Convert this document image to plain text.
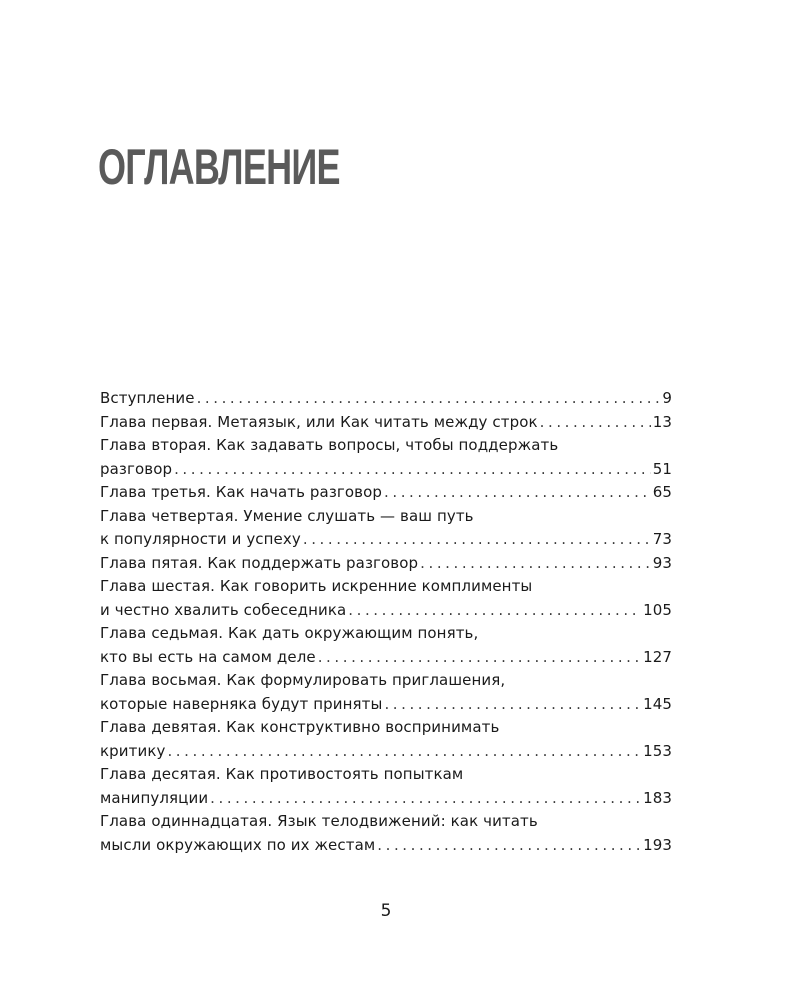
ОГЛАВЛЕНИЕ
Вступление . . .	9
Глава первая. Метаязык, или Как читать между строк . . .	13
Глава вторая. Как задавать вопросы, чтобы поддержать
разговор . . .	51
Глава третья. Как начать разговор . . .	65
Глава четвертая. Умение слушать — ваш путь
к популярности и успеху . . .	73
Глава пятая. Как поддержать разговор . . .	93
Глава шестая. Как говорить искренние комплименты
и честно хвалить собеседника . . .	105
Глава седьмая. Как дать окружающим понять,
кто вы есть на самом деле . . .	127
Глава восьмая. Как формулировать приглашения,
которые наверняка будут приняты . . .	145
Глава девятая. Как конструктивно воспринимать
критику . . .	153
Глава десятая. Как противостоять попыткам
манипуляции . . .	183
Глава одиннадцатая. Язык телодвижений: как читать
мысли окружающих по их жестам . . .	193
5
